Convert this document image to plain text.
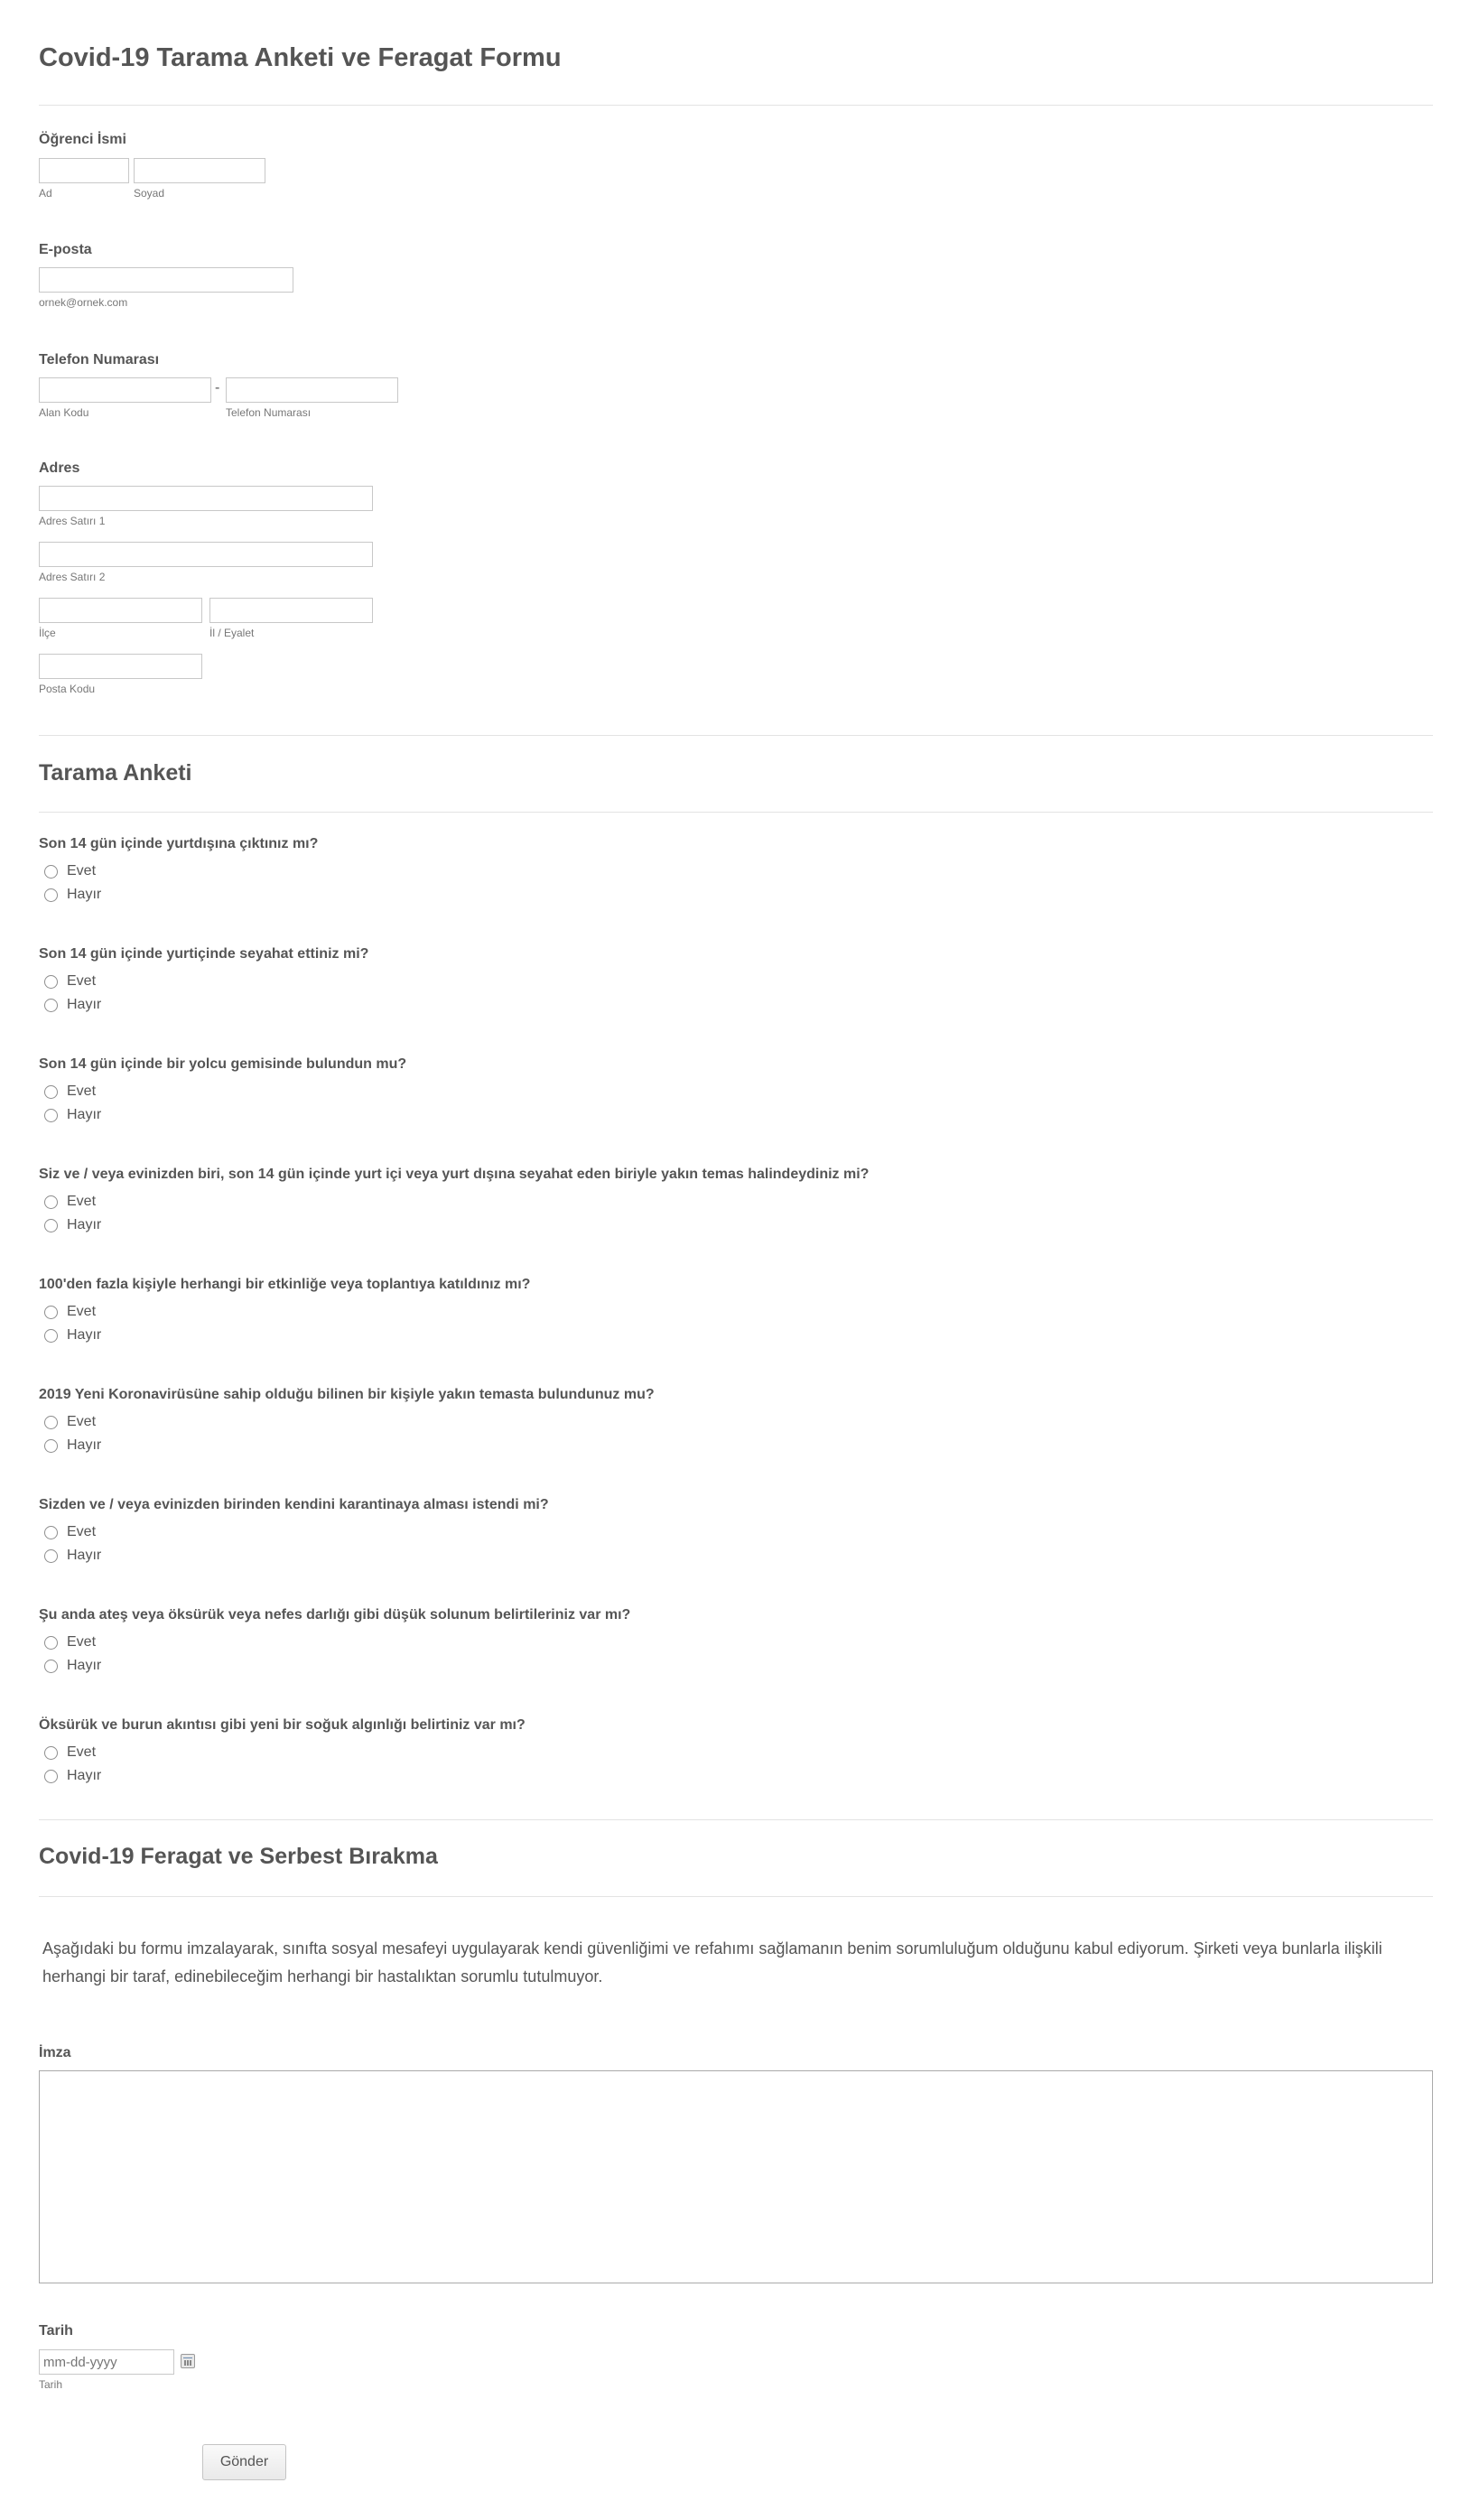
Covid-19 Tarama Anketi ve Feragat Formu
Öğrenci İsmi
Ad	Soyad
E-posta
ornek@ornek.com
Telefon Numarası
-
Alan Kodu	Telefon Numarası
Adres
Adres Satırı 1
Adres Satırı 2
İlçe	İl / Eyalet
Posta Kodu
Tarama Anketi
Son 14 gün içinde yurtdışına çıktınız mı?
Evet
Hayır
Son 14 gün içinde yurtiçinde seyahat ettiniz mi?
Evet
Hayır
Son 14 gün içinde bir yolcu gemisinde bulundun mu?
Evet
Hayır
Siz ve / veya evinizden biri, son 14 gün içinde yurt içi veya yurt dışına seyahat eden biriyle yakın temas halindeydiniz mi?
Evet
Hayır
100'den fazla kişiyle herhangi bir etkinliğe veya toplantıya katıldınız mı?
Evet
Hayır
2019 Yeni Koronavirüsüne sahip olduğu bilinen bir kişiyle yakın temasta bulundunuz mu?
Evet
Hayır
Sizden ve / veya evinizden birinden kendini karantinaya alması istendi mi?
Evet
Hayır
Şu anda ateş veya öksürük veya nefes darlığı gibi düşük solunum belirtileriniz var mı?
Evet
Hayır
Öksürük ve burun akıntısı gibi yeni bir soğuk algınlığı belirtiniz var mı?
Evet
Hayır
Covid-19 Feragat ve Serbest Bırakma
Aşağıdaki bu formu imzalayarak, sınıfta sosyal mesafeyi uygulayarak kendi güvenliğimi ve refahımı sağlamanın benim sorumluluğum olduğunu kabul ediyorum. Şirketi veya bunlarla ilişkili herhangi bir taraf, edinebileceğim herhangi bir hastalıktan sorumlu tutulmuyor.
İmza
Tarih
mm-dd-yyyy
Tarih
Gönder
